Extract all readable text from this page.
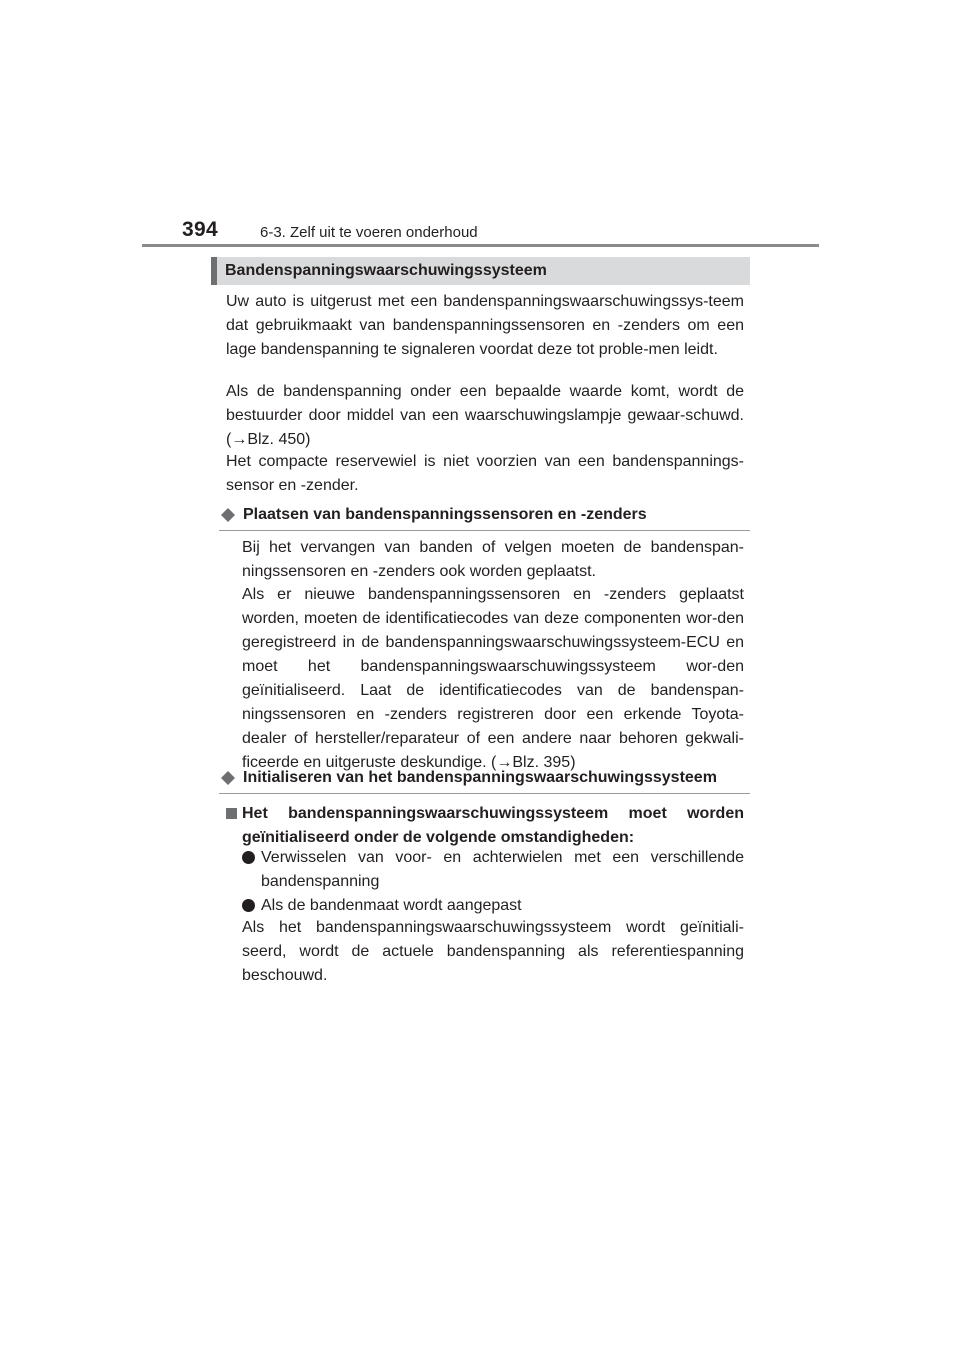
394	6-3. Zelf uit te voeren onderhoud
Bandenspanningswaarschuwingssysteem

Uw auto is uitgerust met een bandenspanningswaarschuwingssys-teem dat gebruikmaakt van bandenspanningssensoren en -zenders om een lage bandenspanning te signaleren voordat deze tot proble-men leidt.

Als de bandenspanning onder een bepaalde waarde komt, wordt de bestuurder door middel van een waarschuwingslampje gewaar-schuwd. (→Blz. 450)

Het compacte reservewiel is niet voorzien van een bandenspannings-sensor en -zender.

Plaatsen van bandenspanningssensoren en -zenders

Bij het vervangen van banden of velgen moeten de bandenspan-ningssensoren en -zenders ook worden geplaatst.

Als er nieuwe bandenspanningssensoren en -zenders geplaatst worden, moeten de identificatiecodes van deze componenten wor-den geregistreerd in de bandenspanningswaarschuwingssysteem-ECU en moet het bandenspanningswaarschuwingssysteem wor-den geïnitialiseerd. Laat de identificatiecodes van de bandenspan-ningssensoren en -zenders registreren door een erkende Toyota-dealer of hersteller/reparateur of een andere naar behoren gekwali-ficeerde en uitgeruste deskundige. (→Blz. 395)

Initialiseren van het bandenspanningswaarschuwingssysteem
Het bandenspanningswaarschuwingssysteem moet worden geïnitialiseerd onder de volgende omstandigheden:
Verwisselen van voor- en achterwielen met een verschillende bandenspanning
Als de bandenmaat wordt aangepast

Als het bandenspanningswaarschuwingssysteem wordt geïnitiali-seerd, wordt de actuele bandenspanning als referentiespanning beschouwd.
